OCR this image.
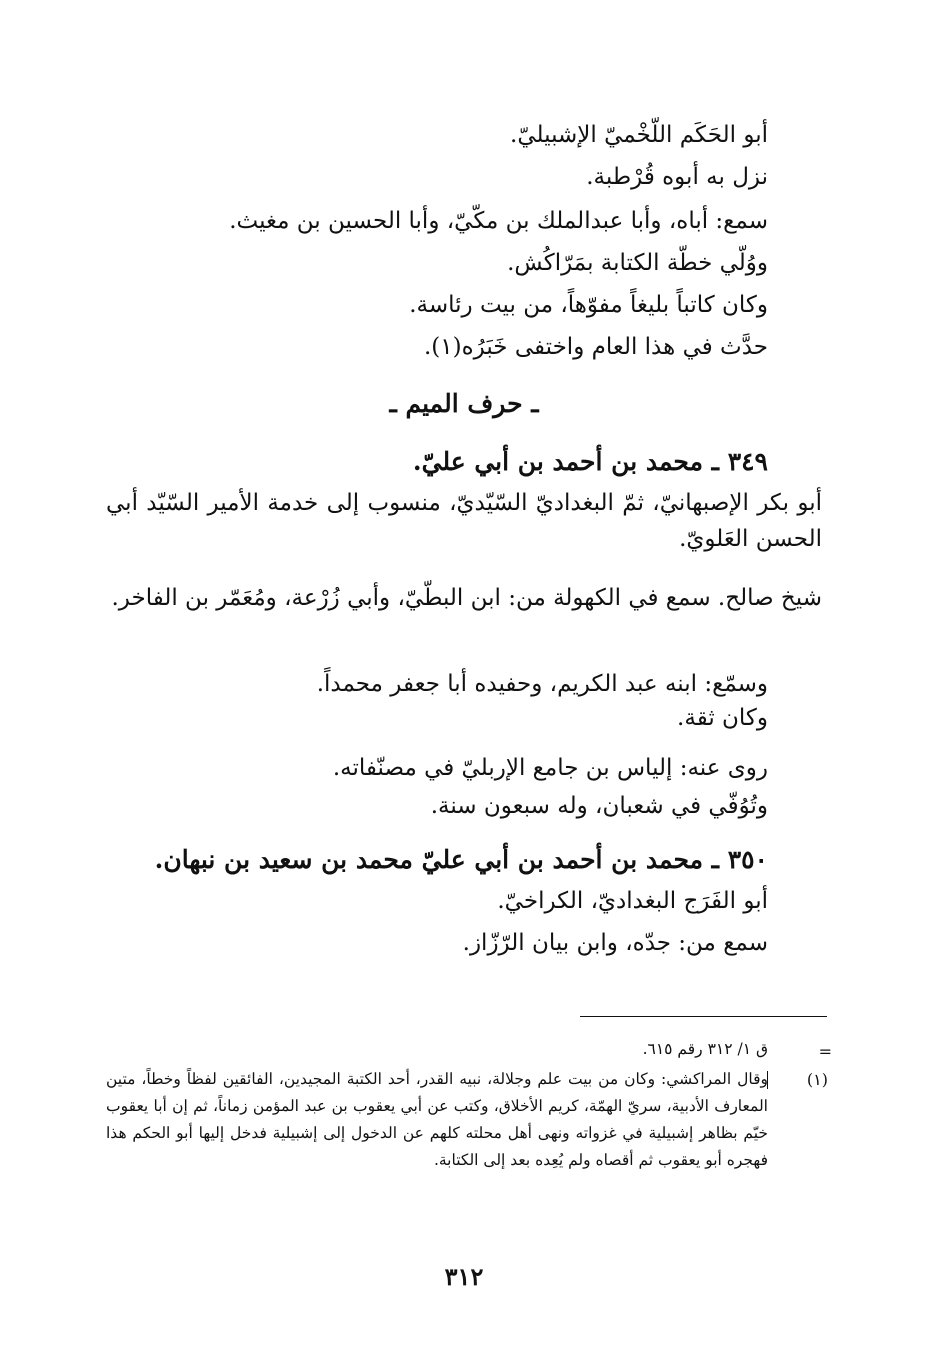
أبو الحَكَم اللّخْميّ الإشبيليّ.
نزل به أبوه قُرْطبة.
سمع: أباه، وأبا عبدالملك بن مكّيّ، وأبا الحسين بن مغيث.
ووُلّي خطّة الكتابة بمَرّاكُش.
وكان كاتباً بليغاً مفوّهاً، من بيت رئاسة.
حدَّث في هذا العام واختفى خَبَرُه(١).
ـ حرف الميم ـ
٣٤٩ ـ محمد بن أحمد بن أبي عليّ.
أبو بكر الإصبهانيّ، ثمّ البغداديّ السّيّديّ، منسوب إلى خدمة الأمير السّيّد أبي الحسن العَلويّ.
شيخ صالح. سمع في الكهولة من: ابن البطّيّ، وأبي زُرْعة، ومُعَمّر بن الفاخر.
وسمّع: ابنه عبد الكريم، وحفيده أبا جعفر محمداً.
وكان ثقة.
روى عنه: إلياس بن جامع الإربليّ في مصنّفاته.
وتُوُفّي في شعبان، وله سبعون سنة.
٣٥٠ ـ محمد بن أحمد بن أبي عليّ محمد بن سعيد بن نبهان.
أبو الفَرَج البغداديّ، الكراخيّ.
سمع من: جدّه، وابن بيان الرّزّاز.
=
ق ١/ ٣١٢ رقم ٦١٥.
(١)
وقال المراكشي: وكان من بيت علم وجلالة، نبيه القدر، أحد الكتبة المجيدين، الفائقين لفظاً وخطاً، متين المعارف الأدبية، سريّ الهمّة، كريم الأخلاق، وكتب عن أبي يعقوب بن عبد المؤمن زماناً، ثم إن أبا يعقوب خيّم بظاهر إشبيلية في غزواته ونهى أهل محلته كلهم عن الدخول إلى إشبيلية فدخل إليها أبو الحكم هذا فهجره أبو يعقوب ثم أقصاه ولم يُعِده بعد إلى الكتابة.
٣١٢
